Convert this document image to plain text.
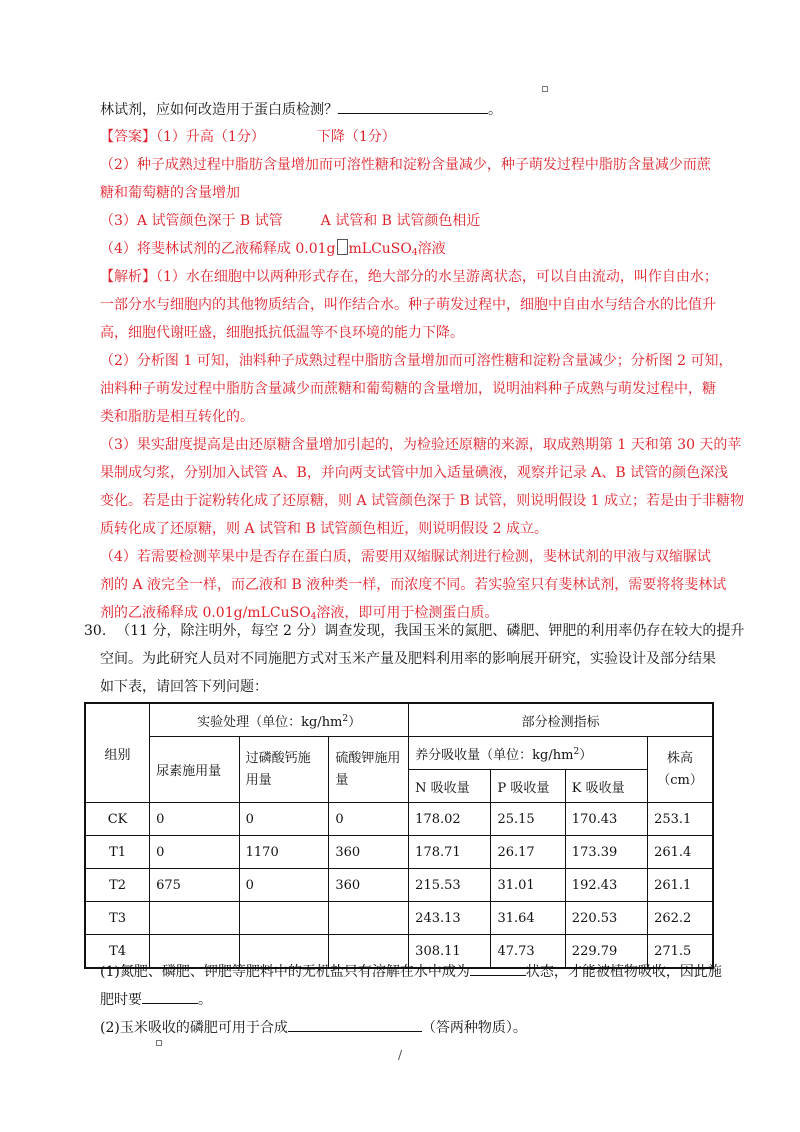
林试剂，应如何改造用于蛋白质检测？	。
【答案】（1）升高（1分）	下降（1分）
（2）种子成熟过程中脂肪含量增加而可溶性糖和淀粉含量减少，种子萌发过程中脂肪含量减少而蔗
糖和葡萄糖的含量增加
（3）A 试管颜色深于 B 试管	A 试管和 B 试管颜色相近
（4）将斐林试剂的乙液稀释成 0.01g mLCuSO$_4$溶液
【解析】（1）水在细胞中以两种形式存在，绝大部分的水呈游离状态，可以自由流动，叫作自由水；
一部分水与细胞内的其他物质结合，叫作结合水。种子萌发过程中，细胞中自由水与结合水的比值升
高，细胞代谢旺盛，细胞抵抗低温等不良环境的能力下降。
（2）分析图 1 可知，油料种子成熟过程中脂肪含量增加而可溶性糖和淀粉含量减少；分析图 2 可知，
油料种子萌发过程中脂肪含量减少而蔗糖和葡萄糖的含量增加，说明油料种子成熟与萌发过程中，糖
类和脂肪是相互转化的。
（3）果实甜度提高是由还原糖含量增加引起的，为检验还原糖的来源，取成熟期第 1 天和第 30 天的苹
果制成匀浆，分别加入试管 A、B，并向两支试管中加入适量碘液，观察并记录 A、B 试管的颜色深浅
变化。若是由于淀粉转化成了还原糖，则 A 试管颜色深于 B 试管，则说明假设 1 成立；若是由于非糖物
质转化成了还原糖，则 A 试管和 B 试管颜色相近，则说明假设 2 成立。
（4）若需要检测苹果中是否存在蛋白质，需要用双缩脲试剂进行检测，斐林试剂的甲液与双缩脲试
剂的 A 液完全一样，而乙液和 B 液种类一样，而浓度不同。若实验室只有斐林试剂，需要将将斐林试
剂的乙液稀释成 0.01g/mLCuSO$_4$溶液，即可用于检测蛋白质。
30. （11 分，除注明外，每空 2 分）调查发现，我国玉米的氮肥、磷肥、钾肥的利用率仍存在较大的提升
空间。为此研究人员对不同施肥方式对玉米产量及肥料利用率的影响展开研究，实验设计及部分结果
如下表，请回答下列问题：
组别	实验处理（单位：$kg/hm^2$）			部分检测指标			
	尿素施用量	过磷酸钙施用量	硫酸钾施用量	养分吸收量（单位：$kg/hm^2$）			株高（cm）
				N 吸收量	P 吸收量	K 吸收量	
CK	0	0	0	178.02	25.15	170.43	253.1
T1	0	1170	360	178.71	26.17	173.39	261.4
T2	675	0	360	215.53	31.01	192.43	261.1
T3				243.13	31.64	220.53	262.2
T4				308.11	47.73	229.79	271.5
(1)氮肥、磷肥、钾肥等肥料中的无机盐只有溶解在水中成为	状态，才能被植物吸收，因此施
肥时要	。
(2)玉米吸收的磷肥可用于合成	（答两种物质）。
/
